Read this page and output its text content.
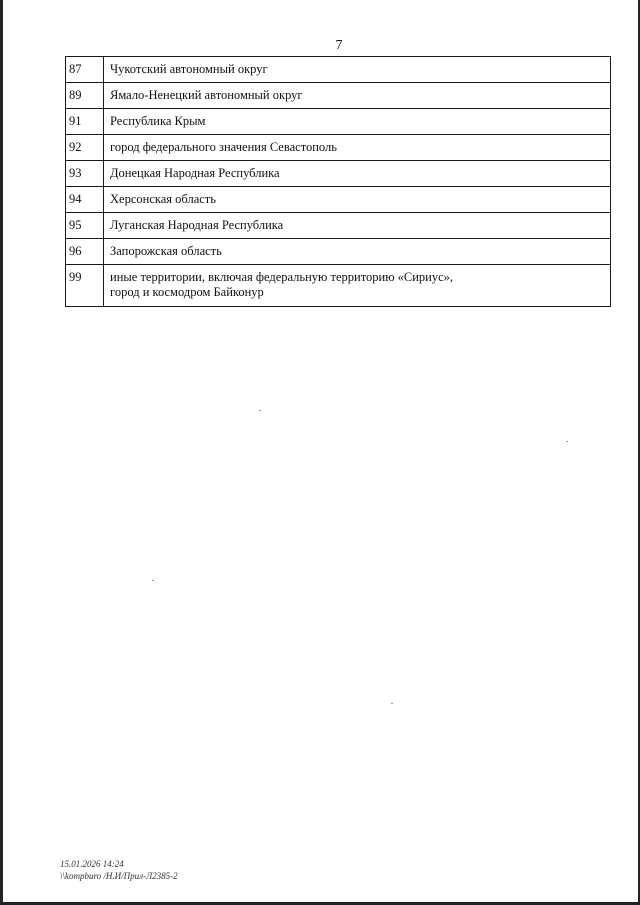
7
87	Чукотский автономный округ

89	Ямало-Ненецкий автономный округ

91	Республика Крым

92	город федерального значения Севастополь

93	Донецкая Народная Республика

94	Херсонская область

95	Луганская Народная Республика

96	Запорожская область

99	иные территории, включая федеральную территорию «Сириус»,
город и космодром Байконур
15.01.2026 14:24
\\kompburo /Н.И/Прил-Л2385-2
